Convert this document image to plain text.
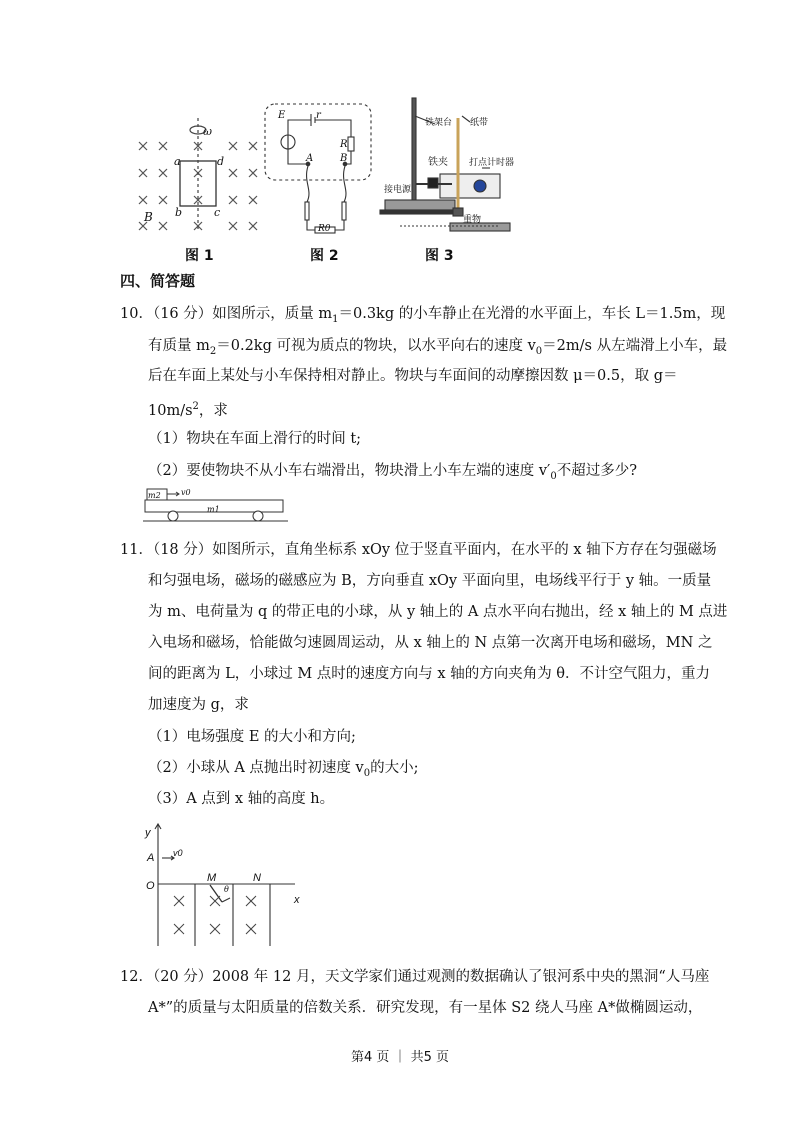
ω
a	d
b	c
B
图 1
E	r
R
A	B
R0
图 2
铁架台 纸带
铁夹 打点计时器
接电源
重物
图 3
四、简答题
10．（16 分）如图所示，质量 $m_1=0.3kg$ 的小车静止在光滑的水平面上，车长 L＝1.5m，现
有质量 $m_2=0.2kg$ 可视为质点的物块，以水平向右的速度 $v_0=2m/s$ 从左端滑上小车，最
后在车面上某处与小车保持相对静止。物块与车面间的动摩擦因数 μ＝0.5，取 g＝
$10m/s^2$，求
（1）物块在车面上滑行的时间 t;
（2）要使物块不从小车右端滑出，物块滑上小车左端的速度 $v'_0$不超过多少?
m2	v0
m1
11．（18 分）如图所示，直角坐标系 xOy 位于竖直平面内，在水平的 x 轴下方存在匀强磁场
和匀强电场，磁场的磁感应为 B，方向垂直 xOy 平面向里，电场线平行于 y 轴。一质量
为 m、电荷量为 q 的带正电的小球，从 y 轴上的 A 点水平向右抛出，经 x 轴上的 M 点进
入电场和磁场，恰能做匀速圆周运动，从 x 轴上的 N 点第一次离开电场和磁场，MN 之
间的距离为 L，小球过 M 点时的速度方向与 x 轴的方向夹角为 θ．不计空气阻力，重力
加速度为 g，求
（1）电场强度 E 的大小和方向;
（2）小球从 A 点抛出时初速度 $v_0$的大小;
（3）A 点到 x 轴的高度 h。
y
A v0
O
M	N
x
θ
12．（20 分）2008 年 12 月，天文学家们通过观测的数据确认了银河系中央的黑洞“人马座
A*”的质量与太阳质量的倍数关系．研究发现，有一星体 S2 绕人马座 A*做椭圆运动，
第4 页 ｜ 共5 页
